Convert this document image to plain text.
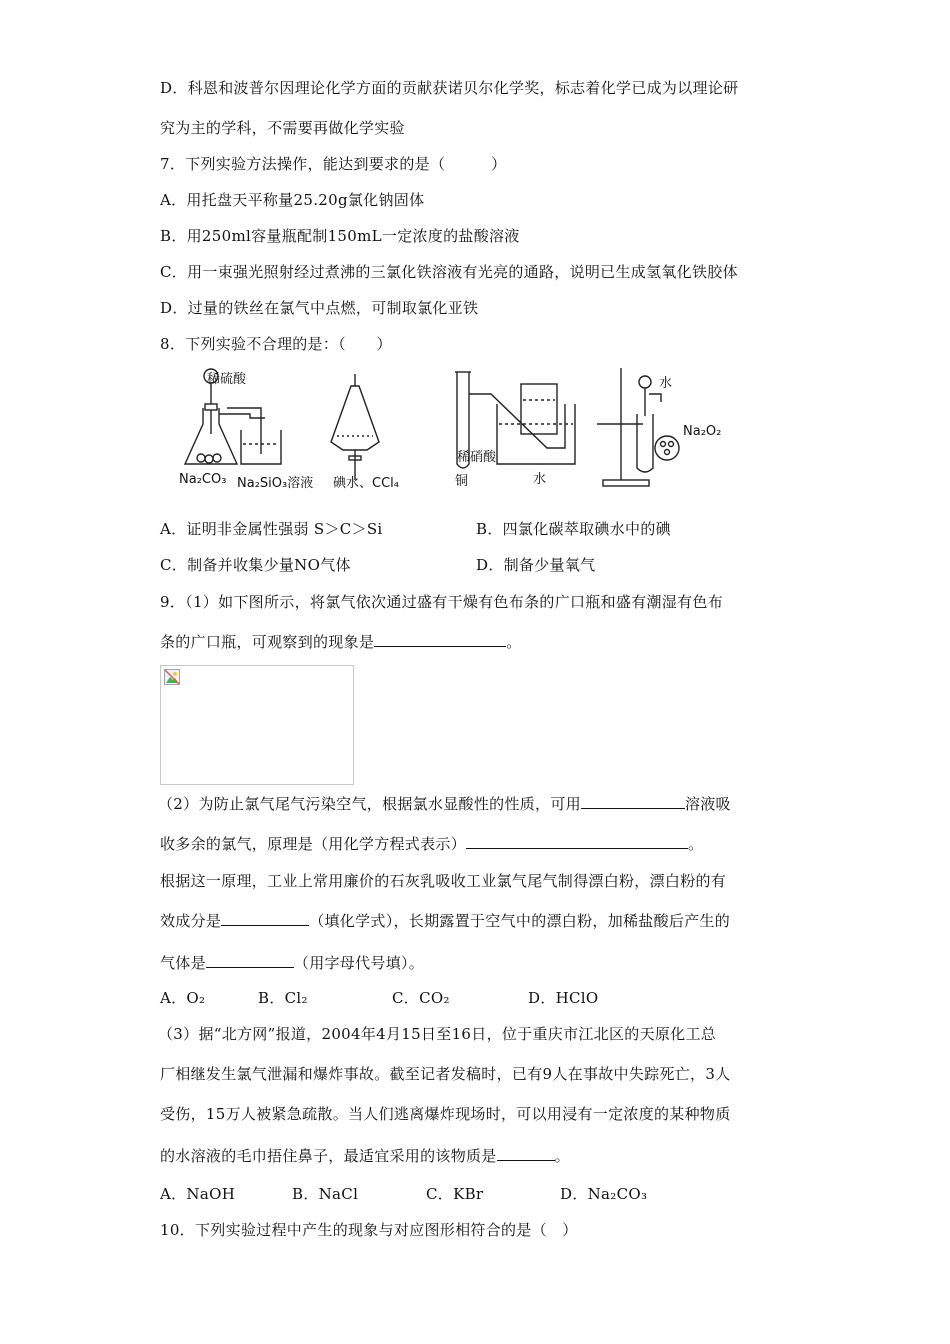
D．科恩和波普尔因理论化学方面的贡献获诺贝尔化学奖，标志着化学已成为以理论研
究为主的学科，不需要再做化学实验
7．下列实验方法操作，能达到要求的是（　　　）
A．用托盘天平称量25.20g氯化钠固体
B．用250ml容量瓶配制150mL一定浓度的盐酸溶液
C．用一束强光照射经过煮沸的三氯化铁溶液有光亮的通路，说明已生成氢氧化铁胶体
D．过量的铁丝在氯气中点燃，可制取氯化亚铁
8．下列实验不合理的是：（　　）
稀硫酸
Na₂CO₃ Na₂SiO₃溶液 碘水、CCl₄
稀硝酸
铜	水
水
Na₂O₂
A．证明非金属性强弱 S＞C＞Si	B．四氯化碳萃取碘水中的碘
C．制备并收集少量NO气体	D．制备少量氧气
9．（1）如下图所示，将氯气依次通过盛有干燥有色布条的广口瓶和盛有潮湿有色布
条的广口瓶，可观察到的现象是	。
（2）为防止氯气尾气污染空气，根据氯水显酸性的性质，可用	溶液吸
收多余的氯气，原理是（用化学方程式表示）	。
根据这一原理，工业上常用廉价的石灰乳吸收工业氯气尾气制得漂白粉，漂白粉的有
效成分是	（填化学式），长期露置于空气中的漂白粉，加稀盐酸后产生的
气体是	（用字母代号填）。
A．O₂	B．Cl₂	C．CO₂	D．HClO
（3）据“北方网”报道，2004年4月15日至16日，位于重庆市江北区的天原化工总
厂相继发生氯气泄漏和爆炸事故。截至记者发稿时，已有9人在事故中失踪死亡，3人
受伤，15万人被紧急疏散。当人们逃离爆炸现场时，可以用浸有一定浓度的某种物质
的水溶液的毛巾捂住鼻子，最适宜采用的该物质是	。
A．NaOH	B．NaCl	C．KBr	D．Na₂CO₃
10．下列实验过程中产生的现象与对应图形相符合的是（　）
